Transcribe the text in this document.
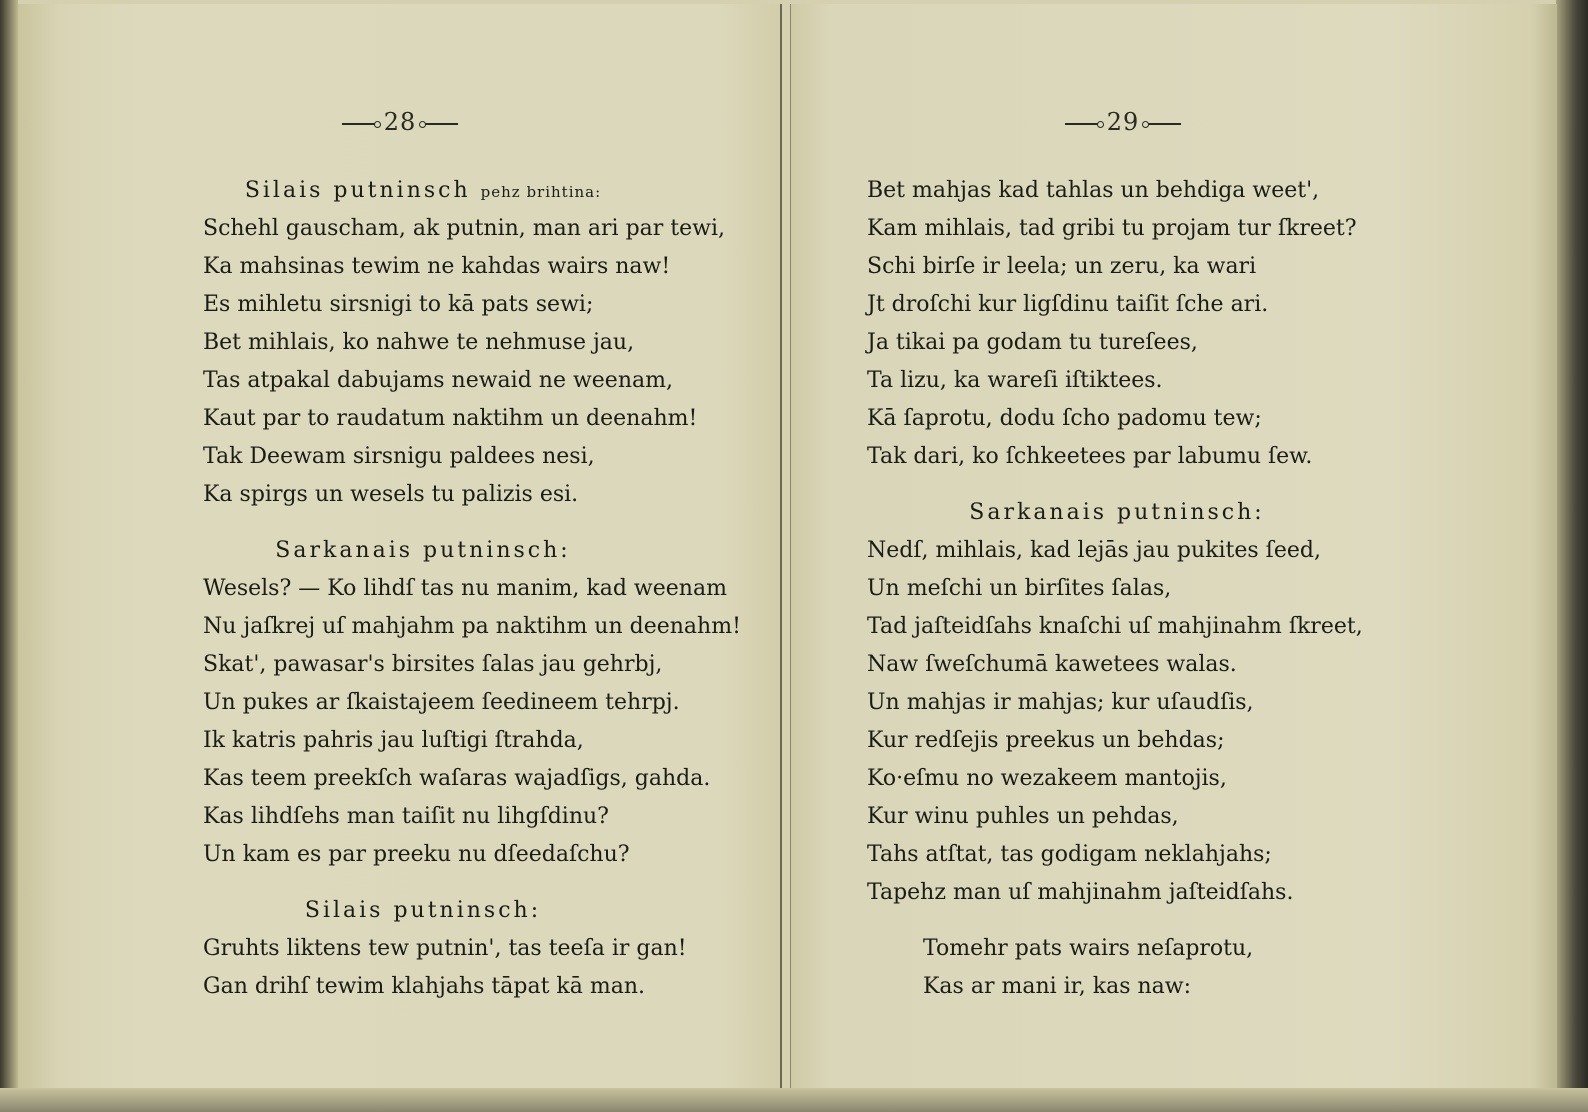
28
Silais putninsch pehz brihtina:
Schehl gauscham, ak putnin, man ari par tewi,
Ka mahsinas tewim ne kahdas wairs naw!
Es mihletu sirsnigi to kā pats sewi;
Bet mihlais, ko nahwe te nehmuse jau,
Tas atpakal dabujams newaid ne weenam,
Kaut par to raudatum naktihm un deenahm!
Tak Deewam sirsnigu paldees nesi,
Ka spirgs un wesels tu palizis esi.
Sarkanais putninsch:
Wesels? — Ko lihdſ tas nu manim, kad weenam
Nu jaſkrej uſ mahjahm pa naktihm un deenahm!
Skat', pawasar's birsites ſalas jau gehrbj,
Un pukes ar ſkaistajeem ſeedineem tehrpj.
Ik katris pahris jau luſtigi ſtrahda,
Kas teem preekſch waſaras wajadſigs, gahda.
Kas lihdſehs man taiſit nu lihgſdinu?
Un kam es par preeku nu dſeedaſchu?
Silais putninsch:
Gruhts liktens tew putnin', tas teeſa ir gan!
Gan drihſ tewim klahjahs tāpat kā man.
29
Bet mahjas kad tahlas un behdiga weet',
Kam mihlais, tad gribi tu projam tur ſkreet?
Schi birſe ir leela; un zeru, ka wari
Jt droſchi kur ligſdinu taiſit ſche ari.
Ja tikai pa godam tu tureſees,
Ta lizu, ka wareſi iſtiktees.
Kā ſaprotu, dodu ſcho padomu tew;
Tak dari, ko ſchkeetees par labumu ſew.
Sarkanais putninsch:
Nedſ, mihlais, kad lejās jau pukites ſeed,
Un meſchi un birſites ſalas,
Tad jaſteidſahs knaſchi uſ mahjinahm ſkreet,
Naw ſweſchumā kawetees walas.
Un mahjas ir mahjas; kur uſaudſis,
Kur redſejis preekus un behdas;
Ko·eſmu no wezakeem mantojis,
Kur winu puhles un pehdas,
Tahs atſtat, tas godigam neklahjahs;
Tapehz man uſ mahjinahm jaſteidſahs.
Tomehr pats wairs neſaprotu,
Kas ar mani ir, kas naw:
